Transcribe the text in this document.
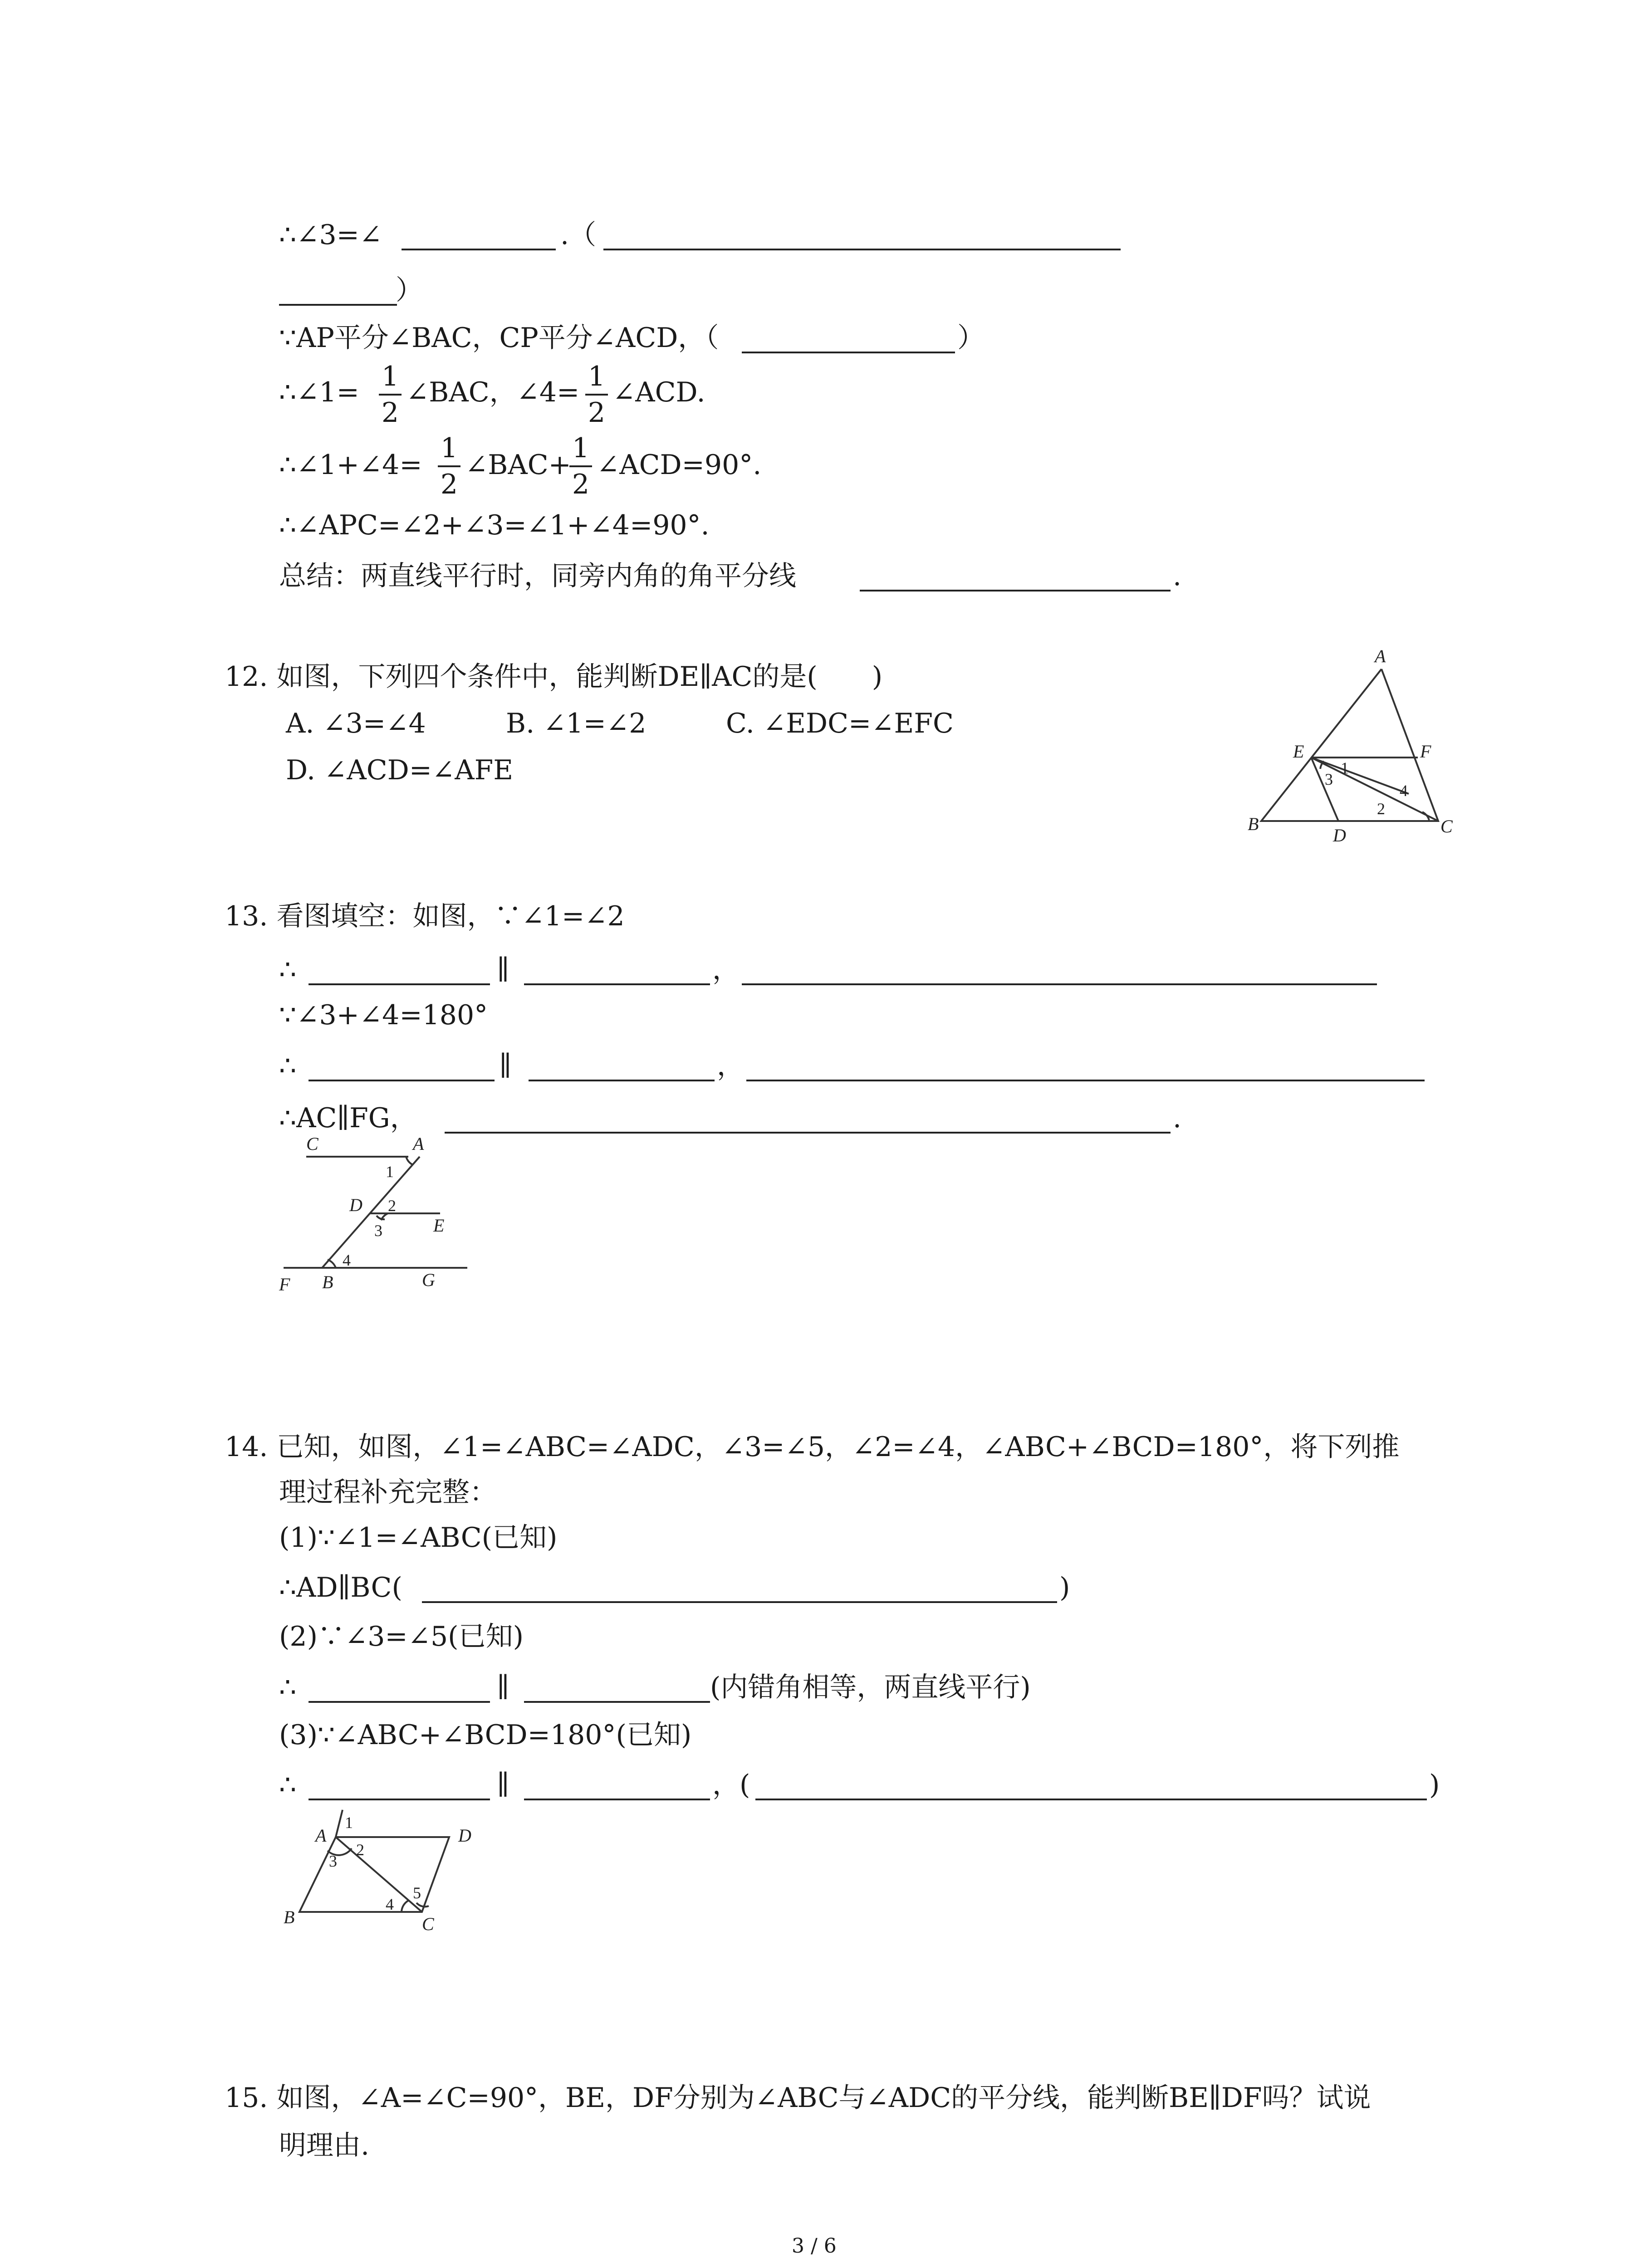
∴∠3=∠	.（
）
∵AP平分∠BAC，CP平分∠ACD，（	）
∴∠1= 1
2
∠BAC，∠4= 1
2
∠ACD.
∴∠1+∠4=
1
2
∠BAC+
1
2
∠ACD=90°.
∴∠APC=∠2+∠3=∠1+∠4=90°.
总结：两直线平行时，同旁内角的角平分线	.
12. 如图，下列四个条件中，能判断DE∥AC的是(　　)
A. ∠3=∠4	B. ∠1=∠2	C. ∠EDC=∠EFC
D. ∠ACD=∠AFE
A
B	C
D
E	F
1
2
3
4
13. 看图填空：如图，∵∠1=∠2
∴	∥	，
∵∠3+∠4=180°
∴	∥	，
∴AC∥FG，	.
C	A
D
E
F B	G
1
2
3
4
14. 已知，如图，∠1=∠ABC=∠ADC，∠3=∠5，∠2=∠4，∠ABC+∠BCD=180°，将下列推
理过程补充完整：
(1)∵∠1=∠ABC(已知)
∴AD∥BC(	)
(2)∵∠3=∠5(已知)
∴	∥	(内错角相等，两直线平行)
(3)∵∠ABC+∠BCD=180°(已知)
∴	∥	，(	)
A	D
B	C
1
2
3
4
5
15. 如图，∠A=∠C=90°，BE，DF分别为∠ABC与∠ADC的平分线，能判断BE∥DF吗？试说
明理由.
3 / 6
